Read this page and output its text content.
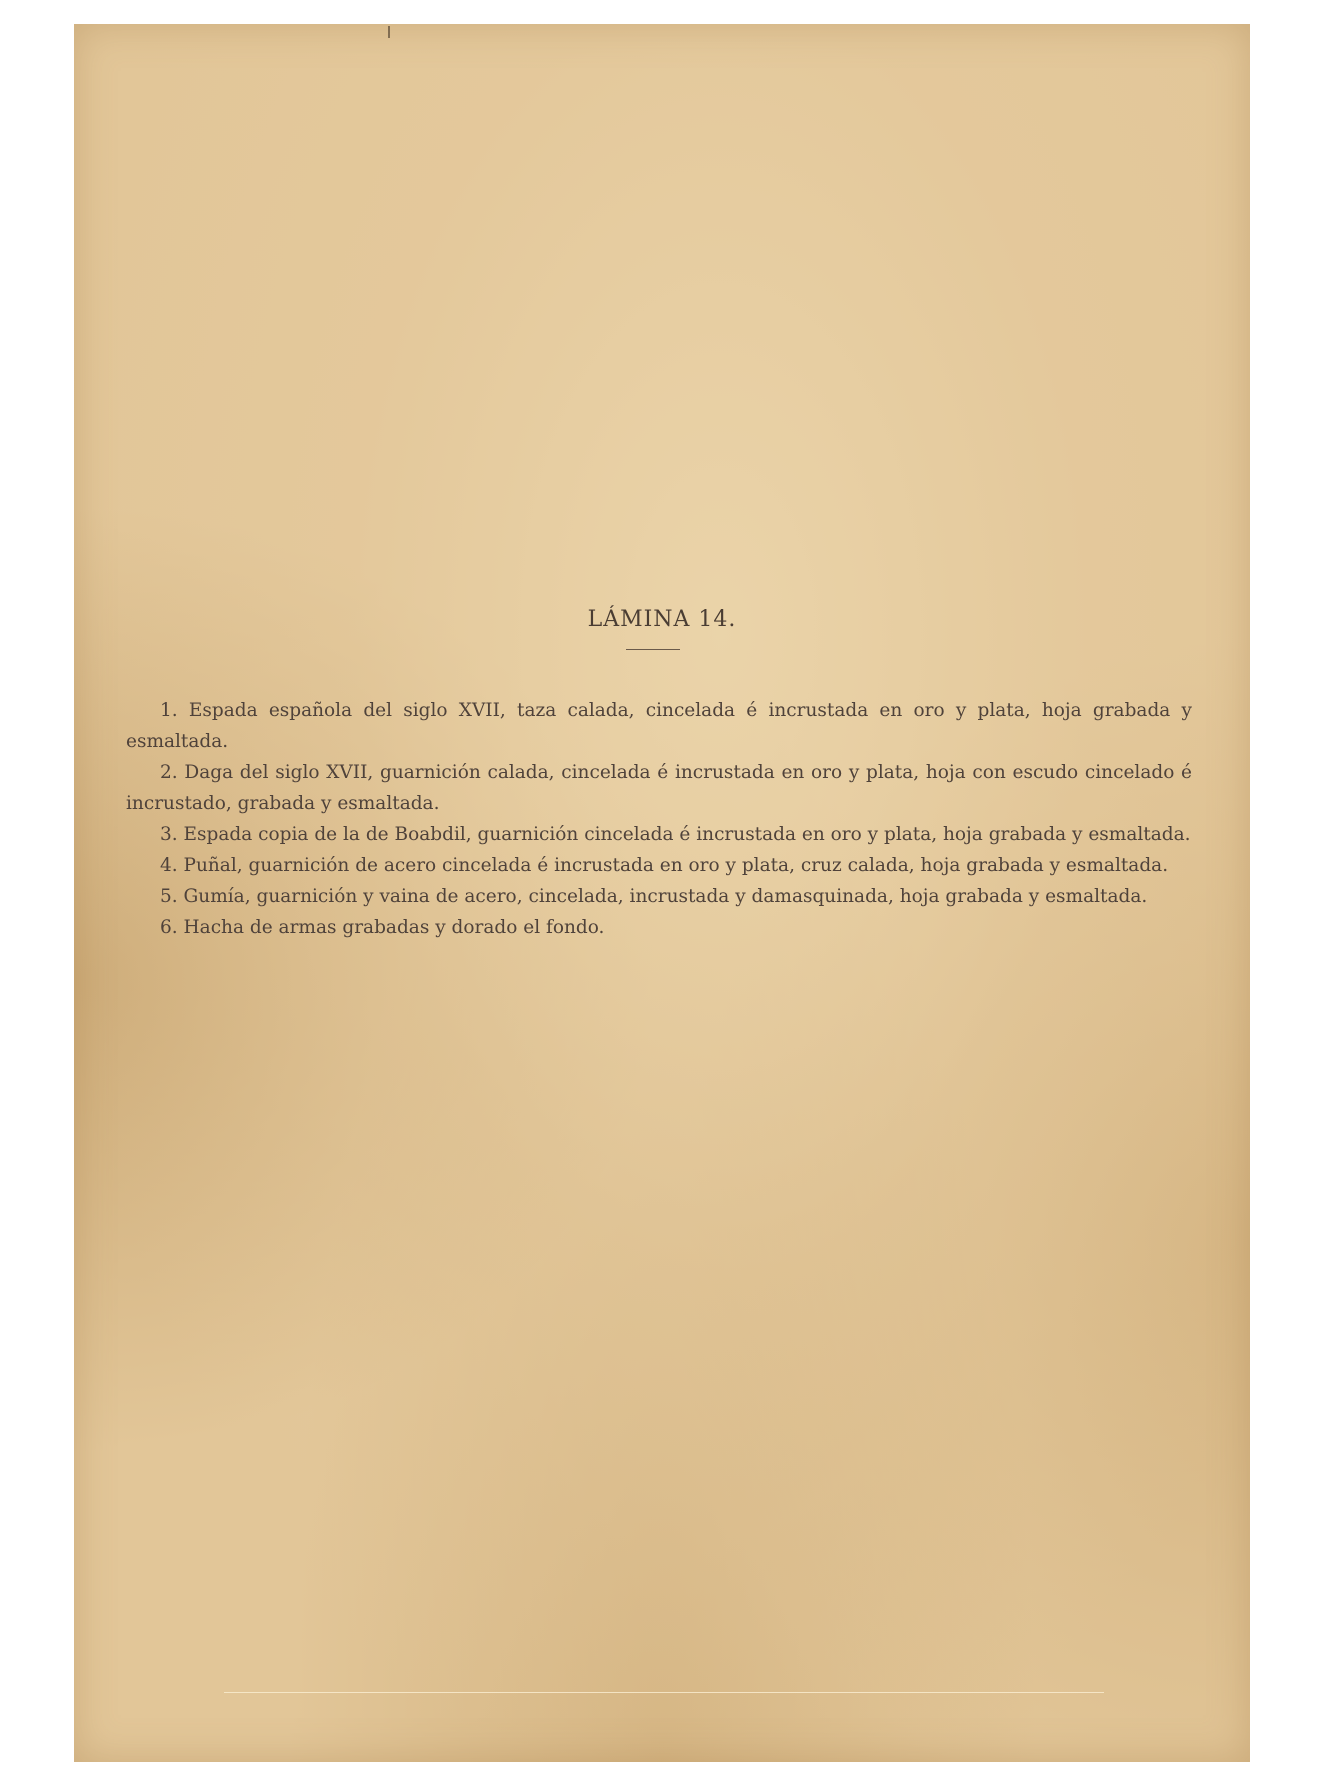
LÁMINA 14.

1. Espada española del siglo XVII, taza calada, cincelada é incrustada en oro y plata, hoja grabada y esmaltada.

2. Daga del siglo XVII, guarnición calada, cincelada é incrustada en oro y plata, hoja con escudo cincelado é incrustado, grabada y esmaltada.

3. Espada copia de la de Boabdil, guarnición cincelada é incrustada en oro y plata, hoja grabada y esmaltada.

4. Puñal, guarnición de acero cincelada é incrustada en oro y plata, cruz calada, hoja grabada y esmaltada.

5. Gumía, guarnición y vaina de acero, cincelada, incrustada y damasquinada, hoja grabada y esmaltada.

6. Hacha de armas grabadas y dorado el fondo.
